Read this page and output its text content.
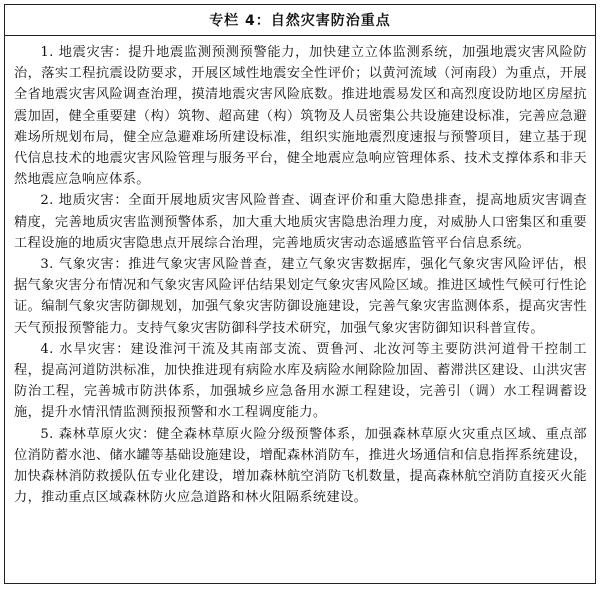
专栏 4：自然灾害防治重点

1. 地震灾害：提升地震监测预测预警能力，加快建立立体监测系统，加强地震灾害风险防治，落实工程抗震设防要求，开展区域性地震安全性评价；以黄河流域（河南段）为重点，开展全省地震灾害风险调查治理，摸清地震灾害风险底数。推进地震易发区和高烈度设防地区房屋抗震加固，健全重要建（构）筑物、超高建（构）筑物及人员密集公共设施建设标准，完善应急避难场所规划布局，健全应急避难场所建设标准，组织实施地震烈度速报与预警项目，建立基于现代信息技术的地震灾害风险管理与服务平台，健全地震应急响应管理体系、技术支撑体系和非天然地震应急响应体系。

2. 地质灾害：全面开展地质灾害风险普查、调查评价和重大隐患排查，提高地质灾害调查精度，完善地质灾害监测预警体系，加大重大地质灾害隐患治理力度，对威胁人口密集区和重要工程设施的地质灾害隐患点开展综合治理，完善地质灾害动态遥感监管平台信息系统。

3. 气象灾害：推进气象灾害风险普查，建立气象灾害数据库，强化气象灾害风险评估，根据气象灾害分布情况和气象灾害风险评估结果划定气象灾害风险区域。推进区域性气候可行性论证。编制气象灾害防御规划，加强气象灾害防御设施建设，完善气象灾害监测体系，提高灾害性天气预报预警能力。支持气象灾害防御科学技术研究，加强气象灾害防御知识科普宣传。

4. 水旱灾害：建设淮河干流及其南部支流、贾鲁河、北汝河等主要防洪河道骨干控制工程，提高河道防洪标准，加快推进现有病险水库及病险水闸除险加固、蓄滞洪区建设、山洪灾害防治工程，完善城市防洪体系，加强城乡应急备用水源工程建设，完善引（调）水工程调蓄设施，提升水情汛情监测预报预警和水工程调度能力。

5. 森林草原火灾：健全森林草原火险分级预警体系，加强森林草原火灾重点区域、重点部位消防蓄水池、储水罐等基础设施建设，增配森林消防车，推进火场通信和信息指挥系统建设，加快森林消防救援队伍专业化建设，增加森林航空消防飞机数量，提高森林航空消防直接灭火能力，推动重点区域森林防火应急道路和林火阻隔系统建设。
